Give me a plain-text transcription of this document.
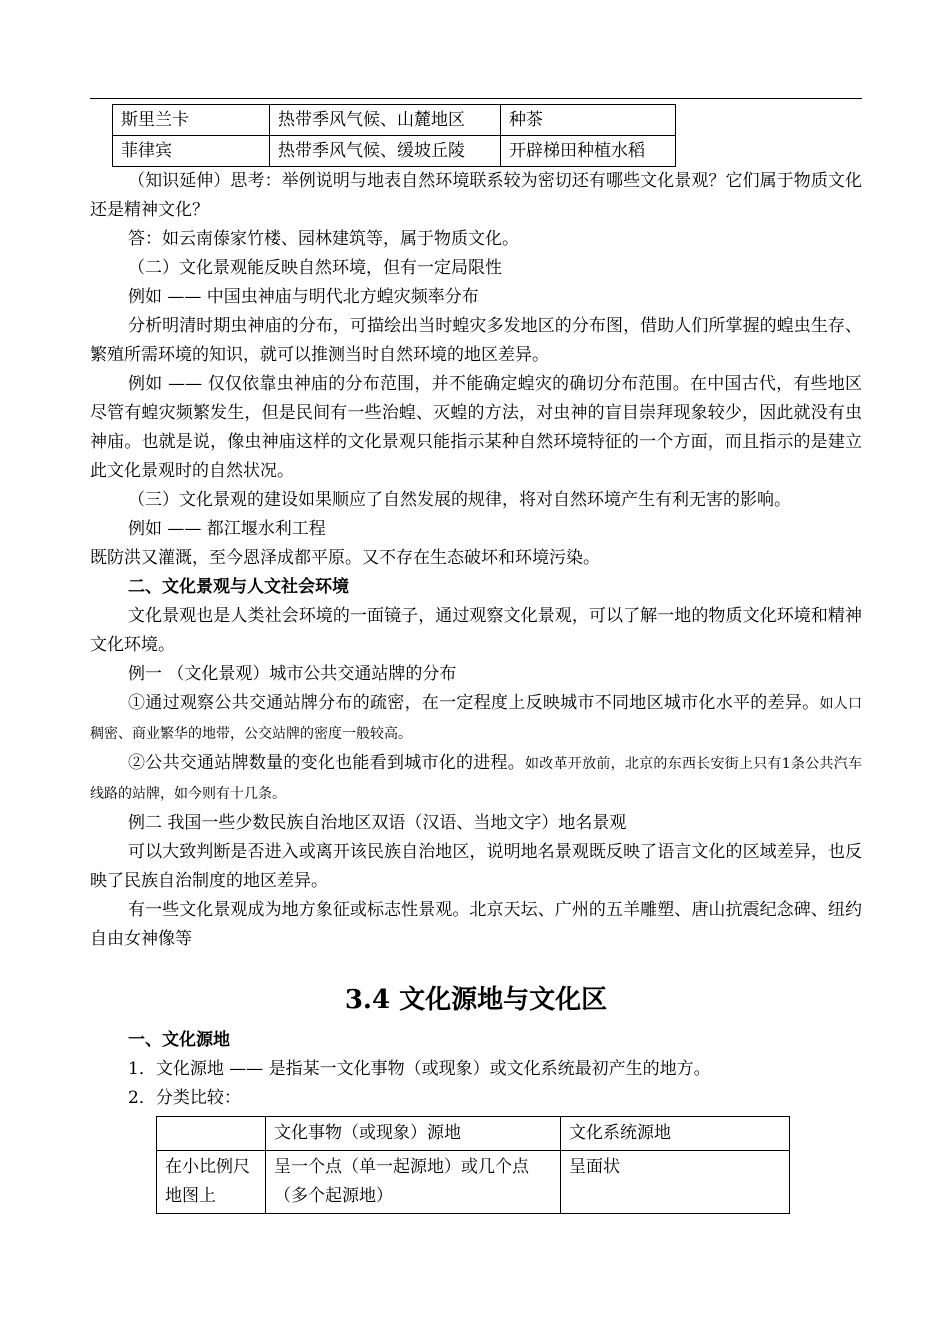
斯里兰卡	热带季风气候、山麓地区	种茶
菲律宾	热带季风气候、缓坡丘陵	开辟梯田种植水稻

（知识延伸）思考：举例说明与地表自然环境联系较为密切还有哪些文化景观？它们属于物质文化还是精神文化？

答：如云南傣家竹楼、园林建筑等，属于物质文化。

（二）文化景观能反映自然环境，但有一定局限性

例如 —— 中国虫神庙与明代北方蝗灾频率分布

分析明清时期虫神庙的分布，可描绘出当时蝗灾多发地区的分布图，借助人们所掌握的蝗虫生存、繁殖所需环境的知识，就可以推测当时自然环境的地区差异。

例如 —— 仅仅依靠虫神庙的分布范围，并不能确定蝗灾的确切分布范围。在中国古代，有些地区尽管有蝗灾频繁发生，但是民间有一些治蝗、灭蝗的方法，对虫神的盲目崇拜现象较少，因此就没有虫神庙。也就是说，像虫神庙这样的文化景观只能指示某种自然环境特征的一个方面，而且指示的是建立此文化景观时的自然状况。

（三）文化景观的建设如果顺应了自然发展的规律，将对自然环境产生有利无害的影响。

例如 —— 都江堰水利工程

既防洪又灌溉，至今恩泽成都平原。又不存在生态破坏和环境污染。

二、文化景观与人文社会环境

文化景观也是人类社会环境的一面镜子，通过观察文化景观，可以了解一地的物质文化环境和精神文化环境。

例一 （文化景观）城市公共交通站牌的分布

①通过观察公共交通站牌分布的疏密，在一定程度上反映城市不同地区城市化水平的差异。如人口稠密、商业繁华的地带，公交站牌的密度一般较高。

②公共交通站牌数量的变化也能看到城市化的进程。如改革开放前，北京的东西长安街上只有1条公共汽车线路的站牌，如今则有十几条。

例二 我国一些少数民族自治地区双语（汉语、当地文字）地名景观

可以大致判断是否进入或离开该民族自治地区，说明地名景观既反映了语言文化的区域差异，也反映了民族自治制度的地区差异。

有一些文化景观成为地方象征或标志性景观。北京天坛、广州的五羊雕塑、唐山抗震纪念碑、纽约自由女神像等

3.4 文化源地与文化区

一、文化源地

1．文化源地 —— 是指某一文化事物（或现象）或文化系统最初产生的地方。

2．分类比较：

	文化事物（或现象）源地	文化系统源地
在小比例尺地图上	呈一个点（单一起源地）或几个点（多个起源地）	呈面状
